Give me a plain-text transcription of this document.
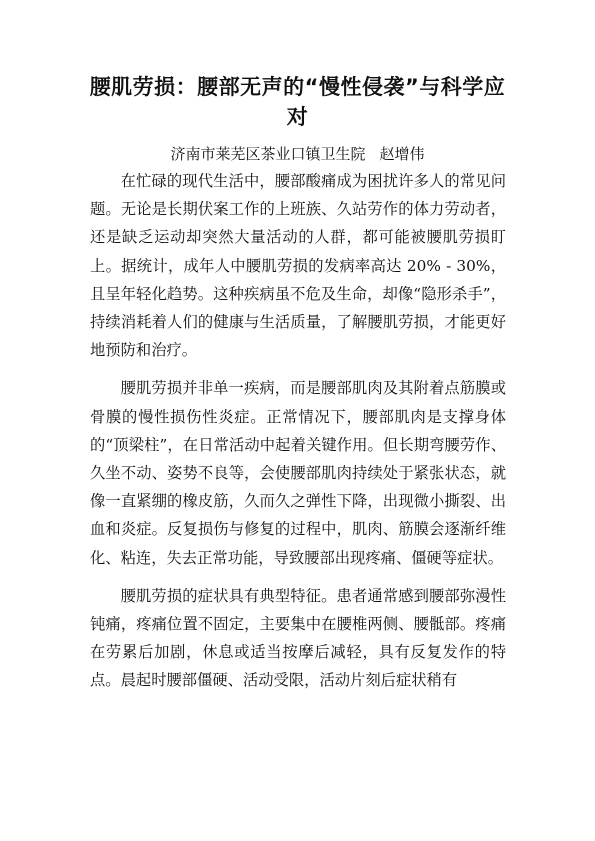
腰肌劳损：腰部无声的“慢性侵袭”与科学应对

济南市莱芜区茶业口镇卫生院 赵增伟

在忙碌的现代生活中，腰部酸痛成为困扰许多人的常见问题。无论是长期伏案工作的上班族、久站劳作的体力劳动者，还是缺乏运动却突然大量活动的人群，都可能被腰肌劳损盯上。据统计，成年人中腰肌劳损的发病率高达 20% - 30%，且呈年轻化趋势。这种疾病虽不危及生命，却像“隐形杀手”，持续消耗着人们的健康与生活质量，了解腰肌劳损，才能更好地预防和治疗。

腰肌劳损并非单一疾病，而是腰部肌肉及其附着点筋膜或骨膜的慢性损伤性炎症。正常情况下，腰部肌肉是支撑身体的“顶梁柱”，在日常活动中起着关键作用。但长期弯腰劳作、久坐不动、姿势不良等，会使腰部肌肉持续处于紧张状态，就像一直紧绷的橡皮筋，久而久之弹性下降，出现微小撕裂、出血和炎症。反复损伤与修复的过程中，肌肉、筋膜会逐渐纤维化、粘连，失去正常功能，导致腰部出现疼痛、僵硬等症状。

腰肌劳损的症状具有典型特征。患者通常感到腰部弥漫性钝痛，疼痛位置不固定，主要集中在腰椎两侧、腰骶部。疼痛在劳累后加剧，休息或适当按摩后减轻，具有反复发作的特点。晨起时腰部僵硬、活动受限，活动片刻后症状稍有
